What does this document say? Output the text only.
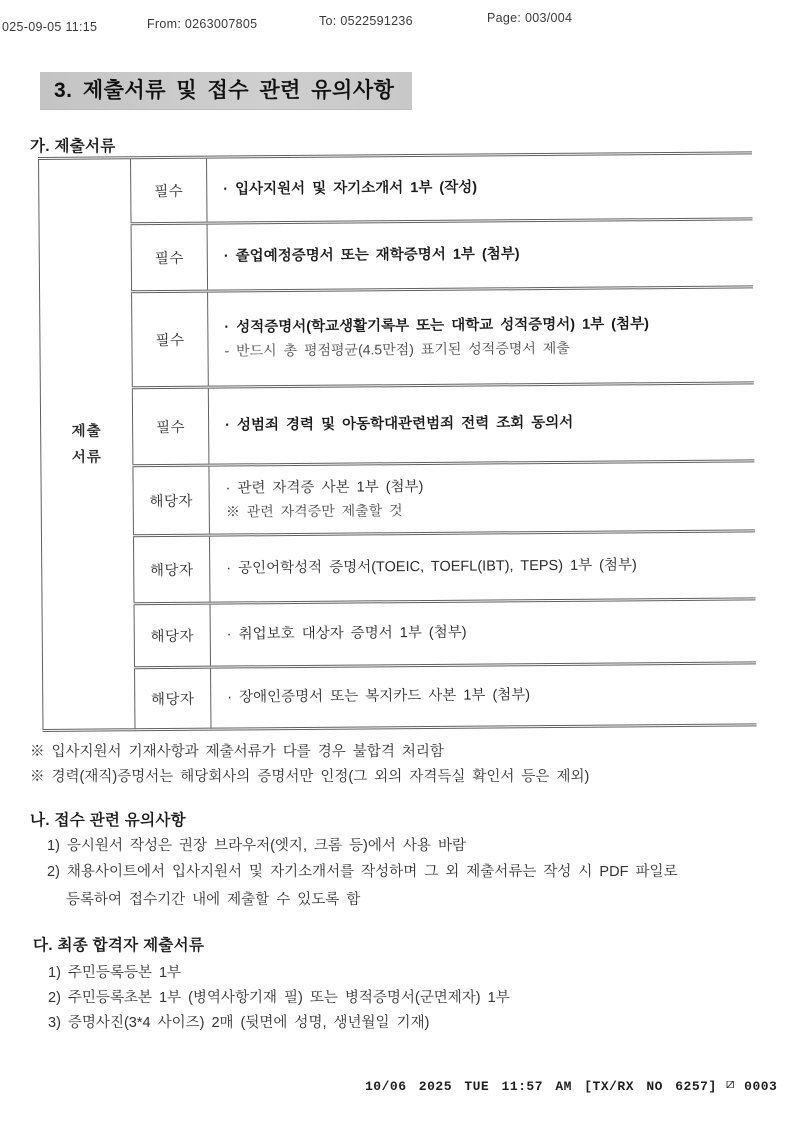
025-09-05 11:15	From: 0263007805	To: 0522591236	Page: 003/004
3. 제출서류 및 접수 관련 유의사항
가. 제출서류
제출
서류	필수	· 입사지원서 및 자기소개서 1부 (작성)

	필수	· 졸업예정증명서 또는 재학증명서 1부 (첨부)

	필수	· 성적증명서(학교생활기록부 또는 대학교 성적증명서) 1부 (첨부)
- 반드시 총 평점평균(4.5만점) 표기된 성적증명서 제출

	필수	· 성범죄 경력 및 아동학대관련범죄 전력 조회 동의서

	해당자	· 관련 자격증 사본 1부 (첨부)
※ 관련 자격증만 제출할 것

	해당자	· 공인어학성적 증명서(TOEIC, TOEFL(IBT), TEPS) 1부 (첨부)

	해당자	· 취업보호 대상자 증명서 1부 (첨부)

	해당자	· 장애인증명서 또는 복지카드 사본 1부 (첨부)
※ 입사지원서 기재사항과 제출서류가 다를 경우 불합격 처리함
※ 경력(재직)증명서는 해당회사의 증명서만 인정(그 외의 자격득실 확인서 등은 제외)
나. 접수 관련 유의사항
1) 응시원서 작성은 권장 브라우저(엣지, 크롬 등)에서 사용 바람
2) 채용사이트에서 입사지원서 및 자기소개서를 작성하며 그 외 제출서류는 작성 시 PDF 파일로
등록하여 접수기간 내에 제출할 수 있도록 함
다. 최종 합격자 제출서류
1) 주민등록등본 1부
2) 주민등록초본 1부 (병역사항기재 필) 또는 병적증명서(군면제자) 1부
3) 증명사진(3*4 사이즈) 2매 (뒷면에 성명, 생년월일 기재)
10/06 2025 TUE 11:57 AM [TX/RX NO 6257] ⧄ 0003
